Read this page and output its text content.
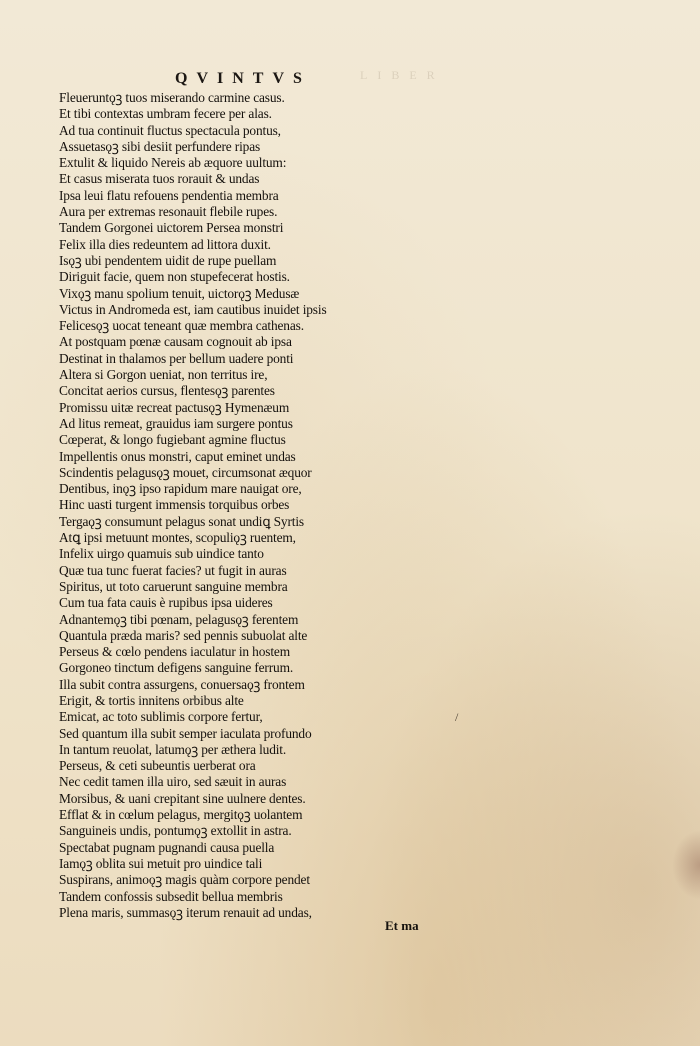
LIBER
QVINTVS
Fleueruntǫꝫ tuos miserando carmine casus.
Et tibi contextas umbram fecere per alas.
Ad tua continuit fluctus spectacula pontus,
Assuetasǫꝫ sibi desiit perfundere ripas
Extulit & liquido Nereis ab æquore uultum:
Et casus miserata tuos rorauit & undas
Ipsa leui flatu refouens pendentia membra
Aura per extremas resonauit flebile rupes.
Tandem Gorgonei uictorem Persea monstri
Felix illa dies redeuntem ad littora duxit.
Isǫꝫ ubi pendentem uidit de rupe puellam
Diriguit facie, quem non stupefecerat hostis.
Vixǫꝫ manu spolium tenuit, uictorǫꝫ Medusæ
Victus in Andromeda est, iam cautibus inuidet ipsis
Felicesǫꝫ uocat teneant quæ membra cathenas.
At postquam pœnæ causam cognouit ab ipsa
Destinat in thalamos per bellum uadere ponti
Altera si Gorgon ueniat, non territus ire,
Concitat aerios cursus, flentesǫꝫ parentes
Promissu uitæ recreat pactusǫꝫ Hymenæum
Ad litus remeat, grauidus iam surgere pontus
Cœperat, & longo fugiebant agmine fluctus
Impellentis onus monstri, caput eminet undas
Scindentis pelagusǫꝫ mouet, circumsonat æquor
Dentibus, inǫꝫ ipso rapidum mare nauigat ore,
Hinc uasti turgent immensis torquibus orbes
Tergaǫꝫ consumunt pelagus sonat undiꝗ Syrtis
Atꝗ ipsi metuunt montes, scopuliǫꝫ ruentem,
Infelix uirgo quamuis sub uindice tanto
Quæ tua tunc fuerat facies? ut fugit in auras
Spiritus, ut toto caruerunt sanguine membra
Cum tua fata cauis è rupibus ipsa uideres
Adnantemǫꝫ tibi pœnam, pelagusǫꝫ ferentem
Quantula præda maris? sed pennis subuolat alte
Perseus & cœlo pendens iaculatur in hostem
Gorgoneo tinctum defigens sanguine ferrum.
Illa subit contra assurgens, conuersaǫꝫ frontem
Erigit, & tortis innitens orbibus alte
Emicat, ac toto sublimis corpore fertur,
Sed quantum illa subit semper iaculata profundo
In tantum reuolat, latumǫꝫ per æthera ludit.
Perseus, & ceti subeuntis uerberat ora
Nec cedit tamen illa uiro, sed sæuit in auras
Morsibus, & uani crepitant sine uulnere dentes.
Efflat & in cœlum pelagus, mergitǫꝫ uolantem
Sanguineis undis, pontumǫꝫ extollit in astra.
Spectabat pugnam pugnandi causa puella
Iamǫꝫ oblita sui metuit pro uindice tali
Suspirans, animoǫꝫ magis quàm corpore pendet
Tandem confossis subsedit bellua membris
Plena maris, summasǫꝫ iterum renauit ad undas,
/
Et ma
